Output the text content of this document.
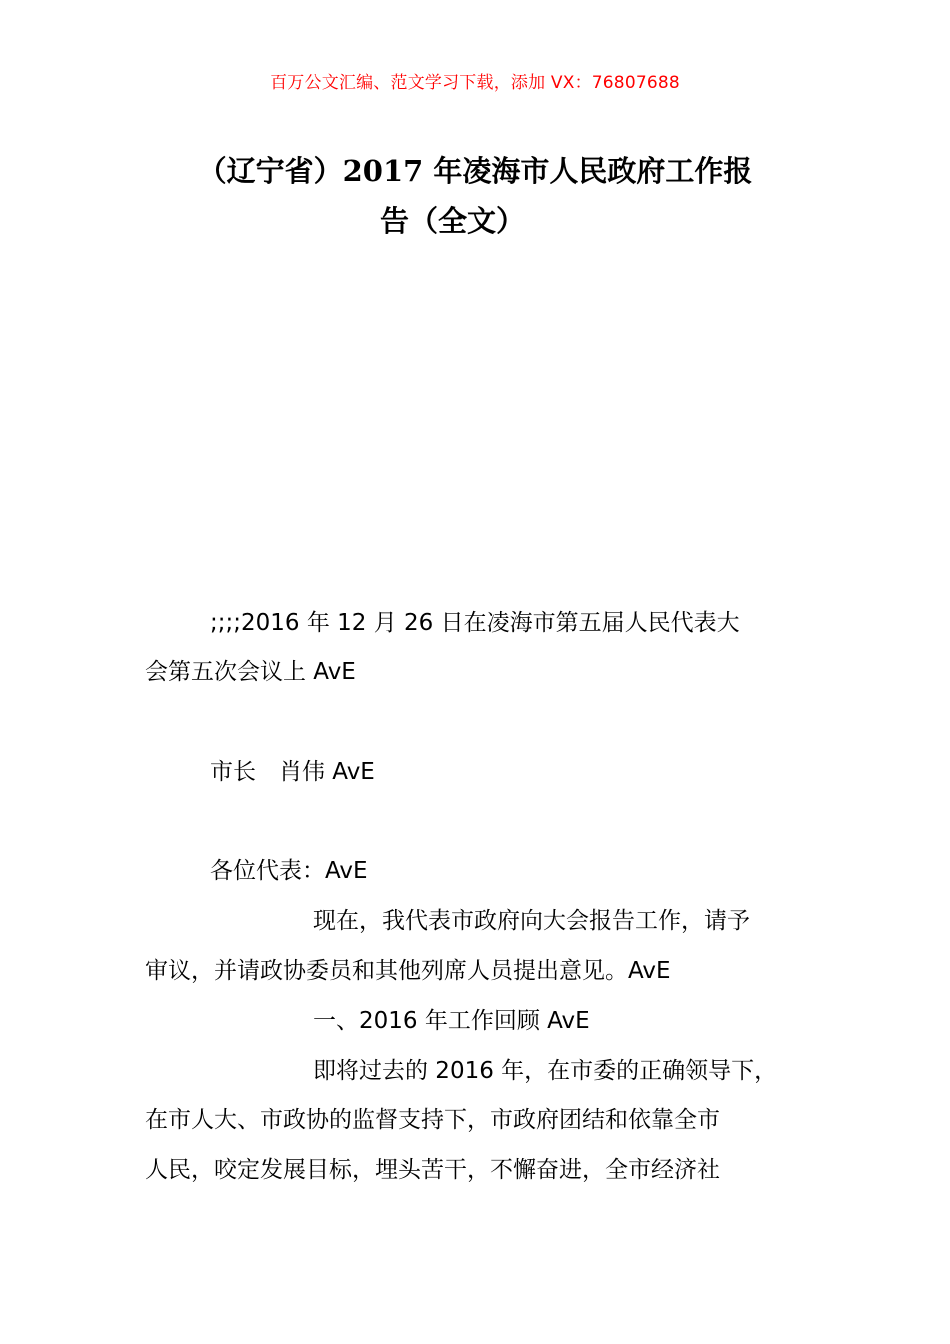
百万公文汇编、范文学习下载，添加 VX：76807688
（辽宁省）2017 年凌海市人民政府工作报
告（全文）
;;;;2016 年 12 月 26 日在凌海市第五届人民代表大
会第五次会议上 AvE
市长　肖伟 AvE
各位代表：AvE
现在，我代表市政府向大会报告工作，请予
审议，并请政协委员和其他列席人员提出意见。AvE
一、2016 年工作回顾 AvE
即将过去的 2016 年，在市委的正确领导下，
在市人大、市政协的监督支持下，市政府团结和依靠全市
人民，咬定发展目标，埋头苦干，不懈奋进，全市经济社
